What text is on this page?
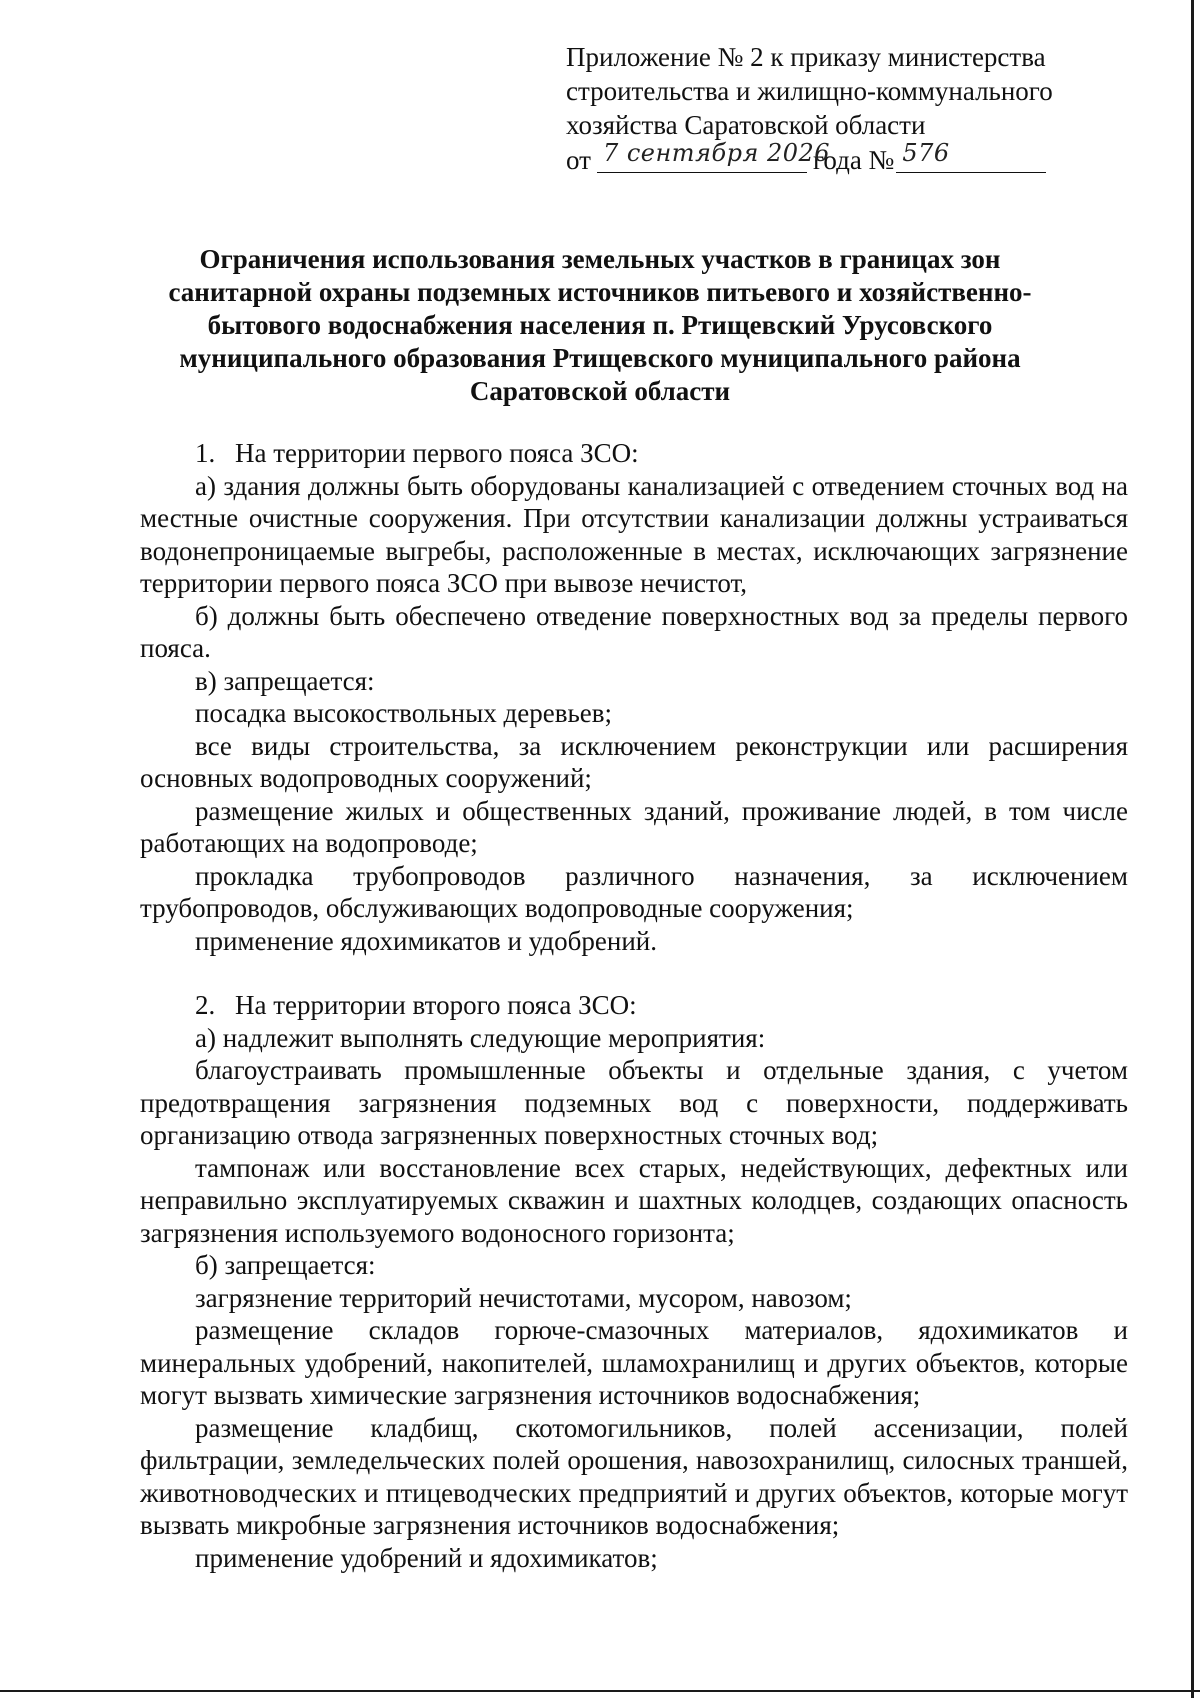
Приложение № 2 к приказу министерства
строительства и жилищно-коммунального
хозяйства Саратовской области
от 7 сентября 2026
года № 576
Ограничения использования земельных участков в границах зон
санитарной охраны подземных источников питьевого и хозяйственно-
бытового водоснабжения населения п. Ртищевский Урусовского
муниципального образования Ртищевского муниципального района
Саратовской области

1. На территории первого пояса ЗСО:

а) здания должны быть оборудованы канализацией с отведением сточных вод на местные очистные сооружения. При отсутствии канализации должны устраиваться водонепроницаемые выгребы, расположенные в местах, исключающих загрязнение территории первого пояса ЗСО при вывозе нечистот,

б) должны быть обеспечено отведение поверхностных вод за пределы первого пояса.

в) запрещается:

посадка высокоствольных деревьев;

все виды строительства, за исключением реконструкции или расширения основных водопроводных сооружений;

размещение жилых и общественных зданий, проживание людей, в том числе работающих на водопроводе;

прокладка трубопроводов различного назначения, за исключением трубопроводов, обслуживающих водопроводные сооружения;

применение ядохимикатов и удобрений.

2. На территории второго пояса ЗСО:

а) надлежит выполнять следующие мероприятия:

благоустраивать промышленные объекты и отдельные здания, с учетом предотвращения загрязнения подземных вод с поверхности, поддерживать организацию отвода загрязненных поверхностных сточных вод;

тампонаж или восстановление всех старых, недействующих, дефектных или неправильно эксплуатируемых скважин и шахтных колодцев, создающих опасность загрязнения используемого водоносного горизонта;

б) запрещается:

загрязнение территорий нечистотами, мусором, навозом;

размещение складов горюче-смазочных материалов, ядохимикатов и минеральных удобрений, накопителей, шламохранилищ и других объектов, которые могут вызвать химические загрязнения источников водоснабжения;

размещение кладбищ, скотомогильников, полей ассенизации, полей фильтрации, земледельческих полей орошения, навозохранилищ, силосных траншей, животноводческих и птицеводческих предприятий и других объектов, которые могут вызвать микробные загрязнения источников водоснабжения;

применение удобрений и ядохимикатов;
